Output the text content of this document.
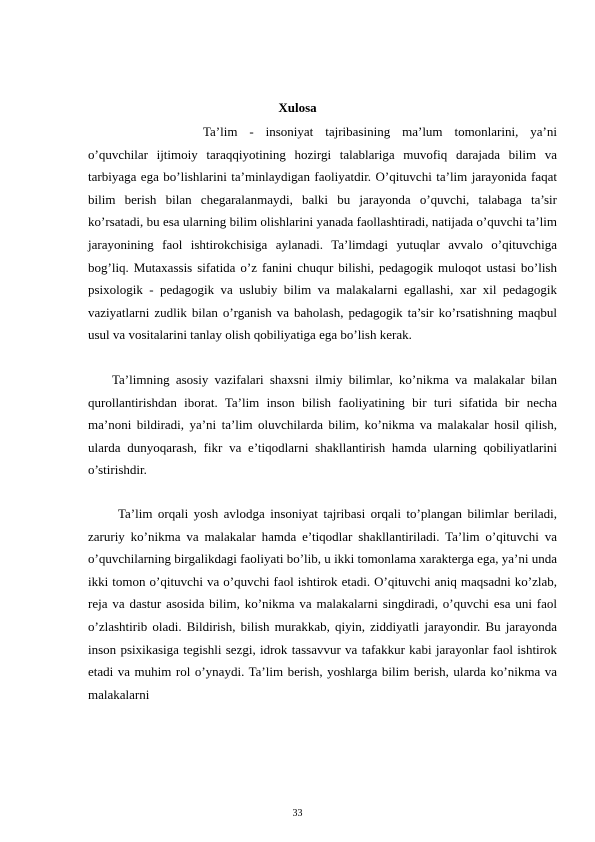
Xulosa

Ta’lim - insoniyat tajribasining ma’lum tomonlarini, ya’ni o’quvchilar ijtimoiy taraqqiyotining hozirgi talablariga muvofiq darajada bilim va tarbiyaga ega bo’lishlarini ta’minlaydigan faoliyatdir. O’qituvchi ta’lim jarayonida faqat bilim berish bilan chegaralanmaydi, balki bu jarayonda o’quvchi, talabaga ta’sir ko’rsatadi, bu esa ularning bilim olishlarini yanada faollashtiradi, natijada o’quvchi ta’lim jarayonining faol ishtirokchisiga aylanadi. Ta’limdagi yutuqlar avvalo o’qituvchiga bog’liq. Mutaxassis sifatida o’z fanini chuqur bilishi, pedagogik muloqot ustasi bo’lish psixologik - pedagogik va uslubiy bilim va malakalarni egallashi, xar xil pedagogik vaziyatlarni zudlik bilan o’rganish va baholash, pedagogik ta’sir ko’rsatishning maqbul usul va vositalarini tanlay olish qobiliyatiga ega bo’lish kerak.

Ta’limning asosiy vazifalari shaxsni ilmiy bilimlar, ko’nikma va malakalar bilan qurollantirishdan iborat. Ta’lim inson bilish faoliyatining bir turi sifatida bir necha ma’noni bildiradi, ya’ni ta’lim oluvchilarda bilim, ko’nikma va malakalar hosil qilish, ularda dunyoqarash, fikr va e’tiqodlarni shakllantirish hamda ularning qobiliyatlarini o’stirishdir.

Ta’lim orqali yosh avlodga insoniyat tajribasi orqali to’plangan bilimlar beriladi, zaruriy ko’nikma va malakalar hamda e’tiqodlar shakllantiriladi. Ta’lim o’qituvchi va o’quvchilarning birgalikdagi faoliyati bo’lib, u ikki tomonlama xarakterga ega, ya’ni unda ikki tomon o’qituvchi va o’quvchi faol ishtirok etadi. O’qituvchi aniq maqsadni ko’zlab, reja va dastur asosida bilim, ko’nikma va malakalarni singdiradi, o’quvchi esa uni faol o’zlashtirib oladi. Bildirish, bilish murakkab, qiyin, ziddiyatli jarayondir. Bu jarayonda inson psixikasiga tegishli sezgi, idrok tassavvur va tafakkur kabi jarayonlar faol ishtirok etadi va muhim rol o’ynaydi. Ta’lim berish, yoshlarga bilim berish, ularda ko’nikma va malakalarni

33
